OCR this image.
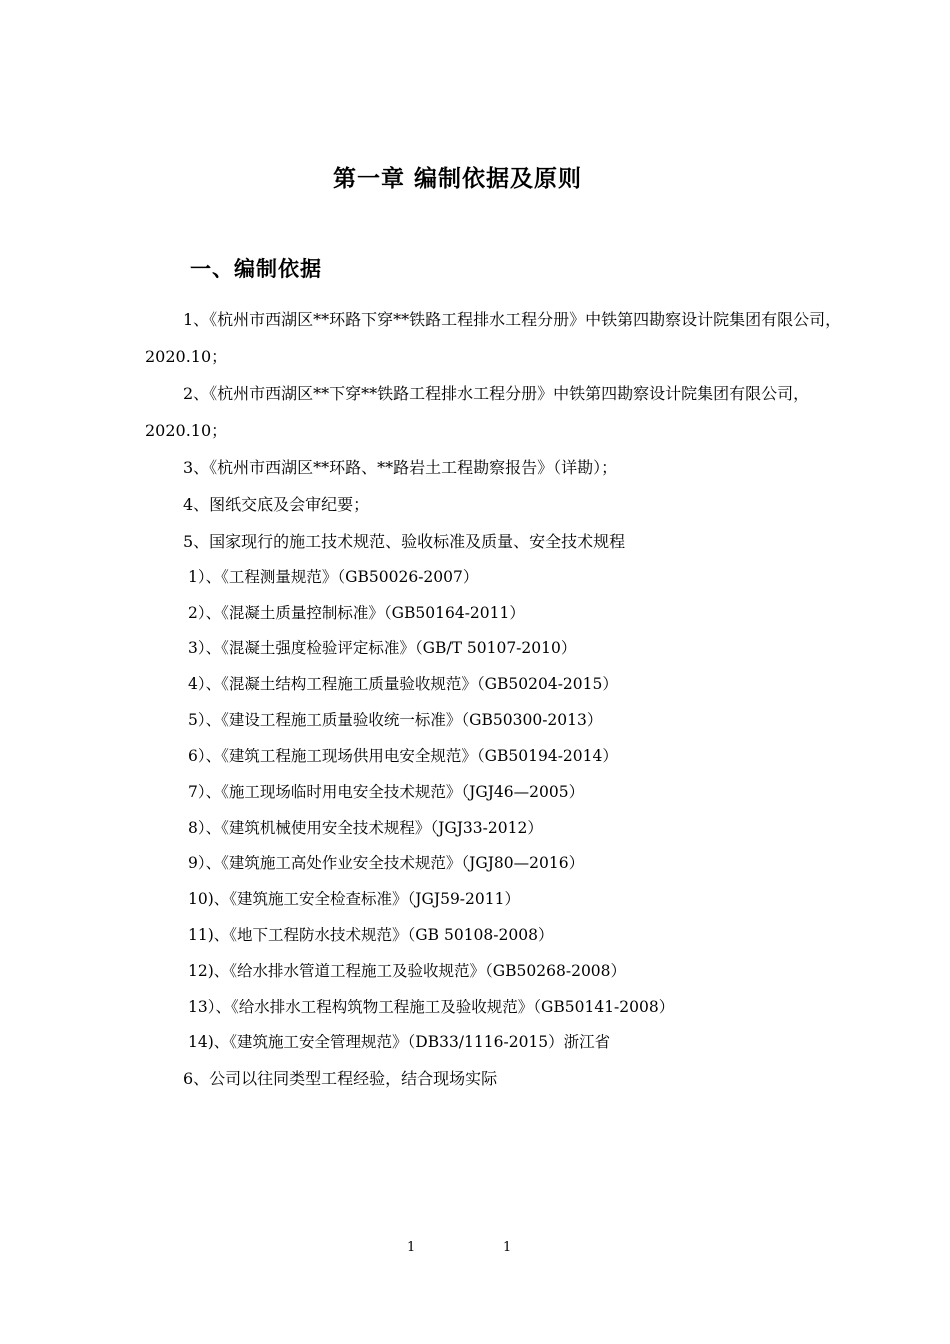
第一章 编制依据及原则
一、编制依据

1、《杭州市西湖区**环路下穿**铁路工程排水工程分册》中铁第四勘察设计院集团有限公司，2020.10；

2、《杭州市西湖区**下穿**铁路工程排水工程分册》中铁第四勘察设计院集团有限公司，2020.10；

3、《杭州市西湖区**环路、**路岩土工程勘察报告》（详勘）；

4、图纸交底及会审纪要；

5、国家现行的施工技术规范、验收标准及质量、安全技术规程

1）、《工程测量规范》（GB50026-2007）
2）、《混凝土质量控制标准》（GB50164-2011）
3）、《混凝土强度检验评定标准》（GB/T 50107-2010）
4）、《混凝土结构工程施工质量验收规范》（GB50204-2015）
5）、《建设工程施工质量验收统一标准》（GB50300-2013）
6）、《建筑工程施工现场供用电安全规范》（GB50194-2014）
7）、《施工现场临时用电安全技术规范》（JGJ46—2005）
8）、《建筑机械使用安全技术规程》（JGJ33-2012）
9）、《建筑施工高处作业安全技术规范》（JGJ80—2016）
10)、《建筑施工安全检查标准》（JGJ59-2011）
11)、《地下工程防水技术规范》（GB 50108-2008）
12)、《给水排水管道工程施工及验收规范》（GB50268-2008）
13）、《给水排水工程构筑物工程施工及验收规范》（GB50141-2008）
14)、《建筑施工安全管理规范》（DB33/1116-2015）浙江省

6、公司以往同类型工程经验，结合现场实际

1	1
